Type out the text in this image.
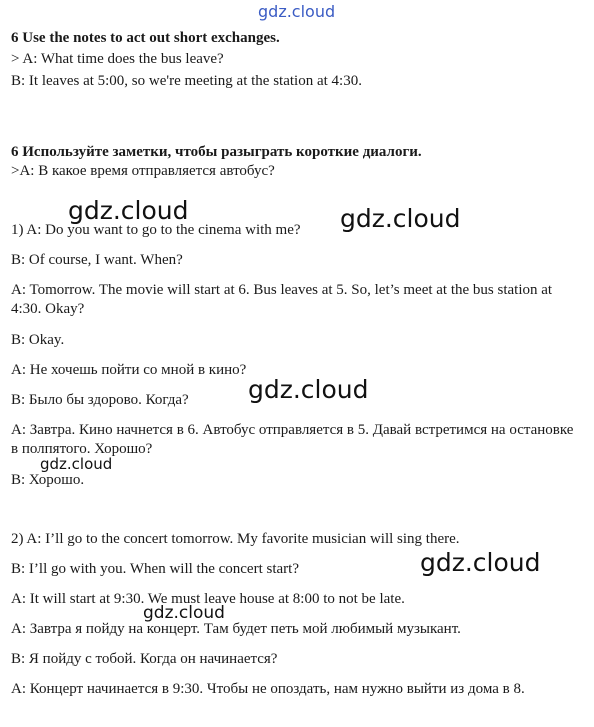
gdz.cloud
6 Use the notes to act out short exchanges.
> A: What time does the bus leave?
B: It leaves at 5:00, so we're meeting at the station at 4:30.
6 Используйте заметки, чтобы разыграть короткие диалоги.
>A: В какое время отправляется автобус?
1) A: Do you want to go to the cinema with me?
B: Of course, I want. When?
A: Tomorrow. The movie will start at 6. Bus leaves at 5. So, let’s meet at the bus station at 4:30. Okay?
B: Okay.
A: Не хочешь пойти со мной в кино?
B: Было бы здорово. Когда?
A: Завтра. Кино начнется в 6. Автобус отправляется в 5. Давай встретимся на остановке в полпятого. Хорошо?
B: Хорошо.
2) A: I’ll go to the concert tomorrow. My favorite musician will sing there.
B: I’ll go with you. When will the concert start?
A: It will start at 9:30. We must leave house at 8:00 to not be late.
A: Завтра я пойду на концерт. Там будет петь мой любимый музыкант.
B: Я пойду с тобой. Когда он начинается?
A: Концерт начинается в 9:30. Чтобы не опоздать, нам нужно выйти из дома в 8.
gdz.cloud	gdz.cloud
gdz.cloud
gdz.cloud
gdz.cloud
gdz.cloud
